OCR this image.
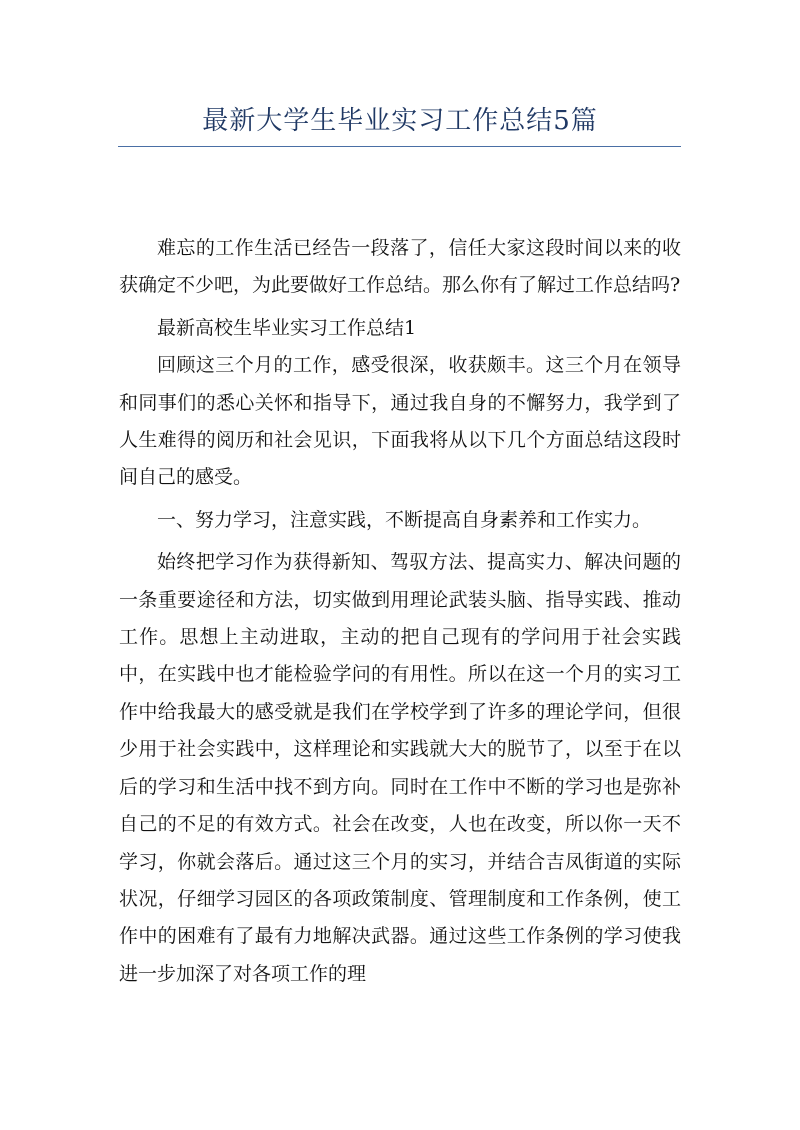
最新大学生毕业实习工作总结5篇

难忘的工作生活已经告一段落了，信任大家这段时间以来的收获确定不少吧，为此要做好工作总结。那么你有了解过工作总结吗?

最新高校生毕业实习工作总结1

回顾这三个月的工作，感受很深，收获颇丰。这三个月在领导和同事们的悉心关怀和指导下，通过我自身的不懈努力，我学到了人生难得的阅历和社会见识，下面我将从以下几个方面总结这段时间自己的感受。

一、努力学习，注意实践，不断提高自身素养和工作实力。

始终把学习作为获得新知、驾驭方法、提高实力、解决问题的一条重要途径和方法，切实做到用理论武装头脑、指导实践、推动工作。思想上主动进取，主动的把自己现有的学问用于社会实践中，在实践中也才能检验学问的有用性。所以在这一个月的实习工作中给我最大的感受就是我们在学校学到了许多的理论学问，但很少用于社会实践中，这样理论和实践就大大的脱节了，以至于在以后的学习和生活中找不到方向。同时在工作中不断的学习也是弥补自己的不足的有效方式。社会在改变，人也在改变，所以你一天不学习，你就会落后。通过这三个月的实习，并结合吉凤街道的实际状况，仔细学习园区的各项政策制度、管理制度和工作条例，使工作中的困难有了最有力地解决武器。通过这些工作条例的学习使我进一步加深了对各项工作的理
